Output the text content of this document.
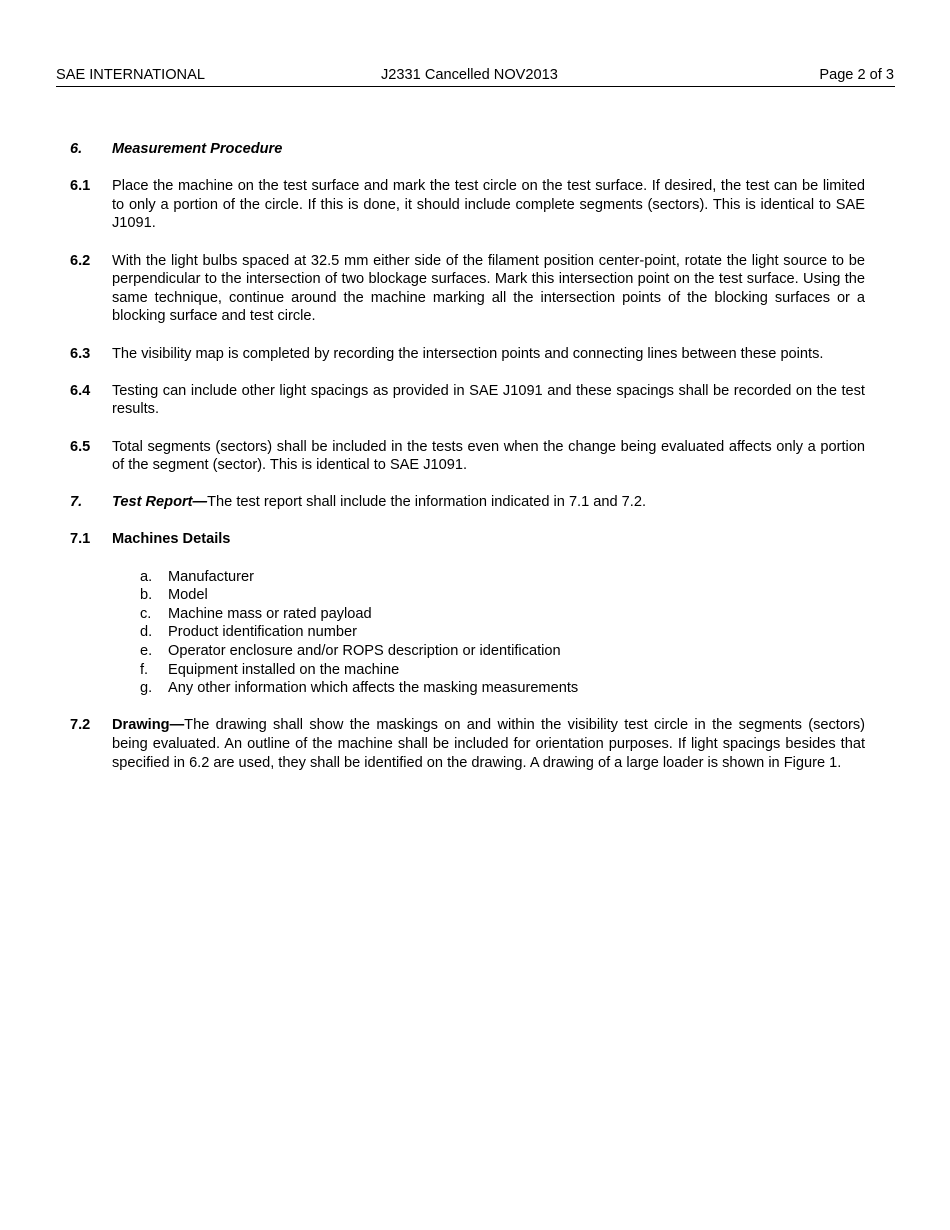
SAE INTERNATIONAL	J2331 Cancelled NOV2013	Page 2 of 3
6. Measurement Procedure
6.1 Place the machine on the test surface and mark the test circle on the test surface. If desired, the test can be limited to only a portion of the circle. If this is done, it should include complete segments (sectors). This is identical to SAE J1091.
6.2 With the light bulbs spaced at 32.5 mm either side of the filament position center-point, rotate the light source to be perpendicular to the intersection of two blockage surfaces. Mark this intersection point on the test surface. Using the same technique, continue around the machine marking all the intersection points of the blocking surfaces or a blocking surface and test circle.
6.3 The visibility map is completed by recording the intersection points and connecting lines between these points.
6.4 Testing can include other light spacings as provided in SAE J1091 and these spacings shall be recorded on the test results.
6.5 Total segments (sectors) shall be included in the tests even when the change being evaluated affects only a portion of the segment (sector). This is identical to SAE J1091.
7. Test Report—The test report shall include the information indicated in 7.1 and 7.2.
7.1 Machines Details
a. Manufacturer
b. Model
c. Machine mass or rated payload
d. Product identification number
e. Operator enclosure and/or ROPS description or identification
f. Equipment installed on the machine
g. Any other information which affects the masking measurements
7.2 Drawing—The drawing shall show the maskings on and within the visibility test circle in the segments (sectors) being evaluated. An outline of the machine shall be included for orientation purposes. If light spacings besides that specified in 6.2 are used, they shall be identified on the drawing. A drawing of a large loader is shown in Figure 1.
